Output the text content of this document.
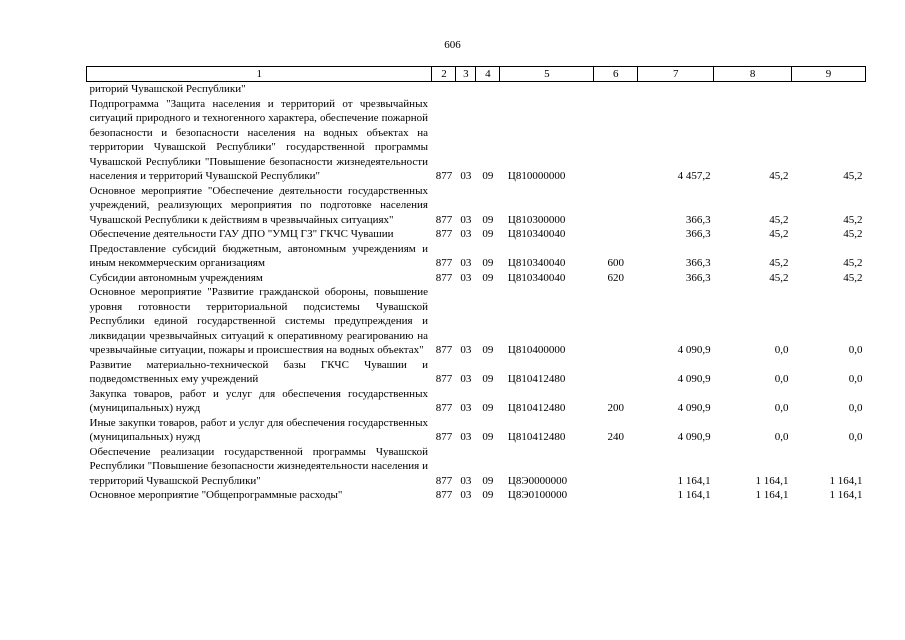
606
1	2	3	4	5	6	7	8	9
риторий Чувашской Республики"								
Подпрограмма "Защита населения и территорий от чрезвычайных ситуаций природного и техногенного характера, обеспечение пожарной безопасности и безопасности населения на водных объектах на территории Чувашской Республики" государственной программы Чувашской Республики "Повышение безопасности жизнедеятельности населения и территорий Чувашской Республики"	877	03	09	Ц810000000		4 457,2	45,2	45,2
Основное мероприятие "Обеспечение деятельности государственных учреждений, реализующих мероприятия по подготовке населения Чувашской Республики к действиям в чрезвычайных ситуациях"	877	03	09	Ц810300000		366,3	45,2	45,2
Обеспечение деятельности ГАУ ДПО "УМЦ ГЗ" ГКЧС Чувашии	877	03	09	Ц810340040		366,3	45,2	45,2
Предоставление субсидий бюджетным, автономным учреждениям и иным некоммерческим организациям	877	03	09	Ц810340040	600	366,3	45,2	45,2
Субсидии автономным учреждениям	877	03	09	Ц810340040	620	366,3	45,2	45,2
Основное мероприятие "Развитие гражданской обороны, повышение уровня готовности территориальной подсистемы Чувашской Республики единой государственной системы предупреждения и ликвидации чрезвычайных ситуаций к оперативному реагированию на чрезвычайные ситуации, пожары и происшествия на водных объектах"	877	03	09	Ц810400000		4 090,9	0,0	0,0
Развитие материально-технической базы ГКЧС Чувашии и подведомственных ему учреждений	877	03	09	Ц810412480		4 090,9	0,0	0,0
Закупка товаров, работ и услуг для обеспечения государственных (муниципальных) нужд	877	03	09	Ц810412480	200	4 090,9	0,0	0,0
Иные закупки товаров, работ и услуг для обеспечения государственных (муниципальных) нужд	877	03	09	Ц810412480	240	4 090,9	0,0	0,0
Обеспечение реализации государственной программы Чувашской Республики "Повышение безопасности жизнедеятельности населения и территорий Чувашской Республики"	877	03	09	Ц8Э0000000		1 164,1	1 164,1	1 164,1
Основное мероприятие "Общепрограммные расходы"	877	03	09	Ц8Э0100000		1 164,1	1 164,1	1 164,1
